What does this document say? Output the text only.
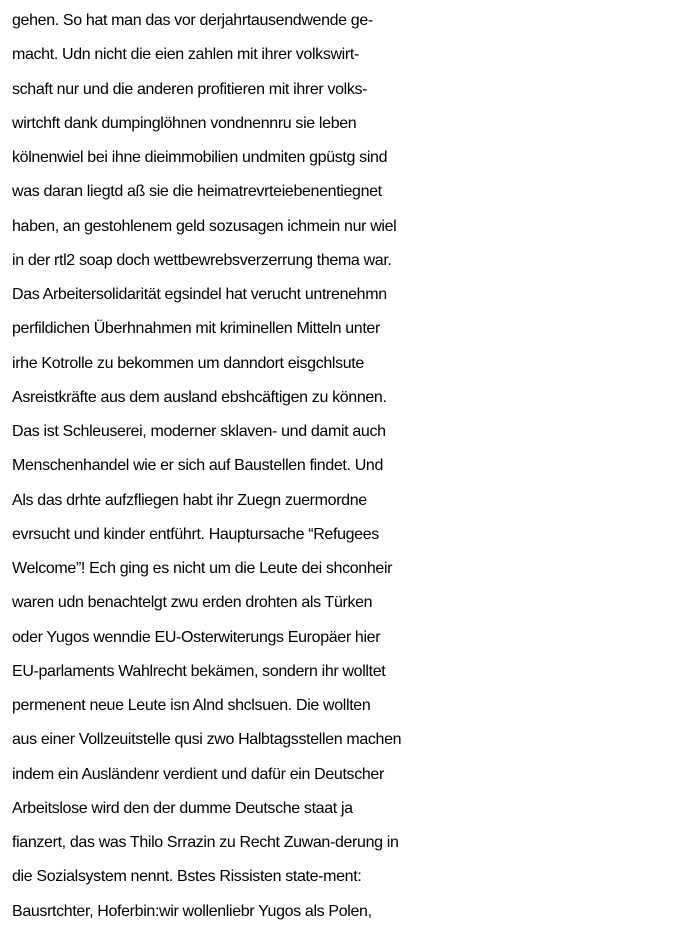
gehen. So hat man das vor derjahrtausendwende ge-
macht. Udn nicht die eien zahlen mit ihrer volkswirt-
schaft nur und die anderen profitieren mit ihrer volks-
wirtchft dank dumpinglöhnen vondnennru sie leben
kölnenwiel bei ihne dieimmobilien undmiten gpüstg sind
was daran liegtd aß sie die heimatrevrteiebenentiegnet
haben, an gestohlenem geld sozusagen ichmein nur wiel
in der rtl2 soap doch wettbewrebsverzerrung thema war.
Das Arbeitersolidarität egsindel hat verucht untrenehmn
perfildichen Überhnahmen mit kriminellen Mitteln unter
irhe Kotrolle zu bekommen um danndort eisgchlsute
Asreistkräfte aus dem ausland ebshcäftigen zu können.
Das ist Schleuserei, moderner sklaven- und damit auch
Menschenhandel wie er sich auf Baustellen findet. Und
Als das drhte aufzfliegen habt ihr Zuegn zuermordne
evrsucht und kinder entführt. Hauptursache “Refugees
Welcome”! Ech ging es nicht um die Leute dei shconheir
waren udn benachtelgt zwu erden drohten als Türken
oder Yugos wenndie EU-Osterwiterungs Europäer hier
EU-parlaments Wahlrecht bekämen, sondern ihr wolltet
permenent neue Leute isn Alnd shclsuen. Die wollten
aus einer Vollzeuitstelle qusi zwo Halbtagsstellen machen
indem ein Ausländenr verdient und dafür ein Deutscher
Arbeitslose wird den der dumme Deutsche staat ja
fianzert, das was Thilo Srrazin zu Recht Zuwan-derung in
die Sozialsystem nennt. Bstes Rissisten state-ment:
Bausrtchter, Hoferbin:wir wollenliebr Yugos als Polen,
